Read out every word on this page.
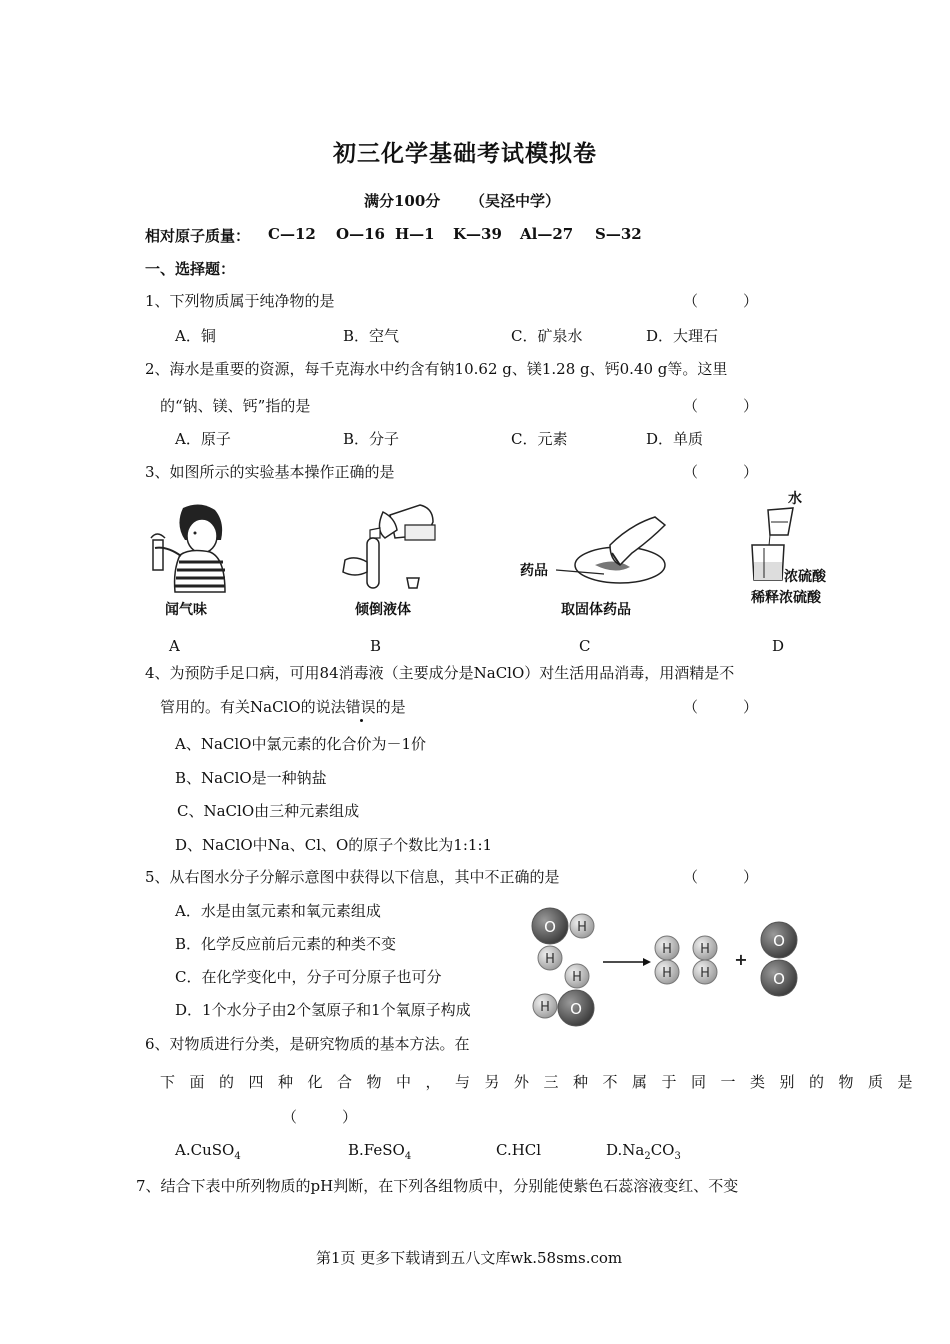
初三化学基础考试模拟卷
满分100分 （吴泾中学）
相对原子质量： C—12 O—16 H—1 K—39 Al—27 S—32
一、选择题：
1、下列物质属于纯净物的是	（　　　）
A．铜	B．空气	C．矿泉水	D．大理石
2、海水是重要的资源，每千克海水中约含有钠10.62 g、镁1.28 g、钙0.40 g等。这里
的“钠、镁、钙”指的是	（　　　）
A．原子	B．分子	C．元素	D．单质
3、如图所示的实验基本操作正确的是	（　　　）
闻气味	倾倒液体
药品
取固体药品
水
浓硫酸
稀释浓硫酸
A	B	C	D
4、为预防手足口病，可用84消毒液（主要成分是NaClO）对生活用品消毒，用酒精是不
管用的。有关NaClO的说法错误的是	（　　　）
A、NaClO中氯元素的化合价为－1价
B、NaClO是一种钠盐
C、NaClO由三种元素组成
D、NaClO中Na、Cl、O的原子个数比为1:1:1
5、从右图水分子分解示意图中获得以下信息，其中不正确的是	（　　　）
A．水是由氢元素和氧元素组成
B．化学反应前后元素的种类不变
C．在化学变化中，分子可分原子也可分
D．1个水分子由2个氢原子和1个氧原子构成
O H
H
H
H O
H
H
H
H
+
O
O
6、对物质进行分类，是研究物质的基本方法。在
下面的四种化合物中，与另外三种不属于同一类别的物质是
（　　　）
A.CuSO$_4$	B.FeSO$_4$	C.HCl	$D.Na_2CO_3$
7、结合下表中所列物质的pH判断，在下列各组物质中，分别能使紫色石蕊溶液变红、不变
第1页 更多下载请到五八文库wk.58sms.com
